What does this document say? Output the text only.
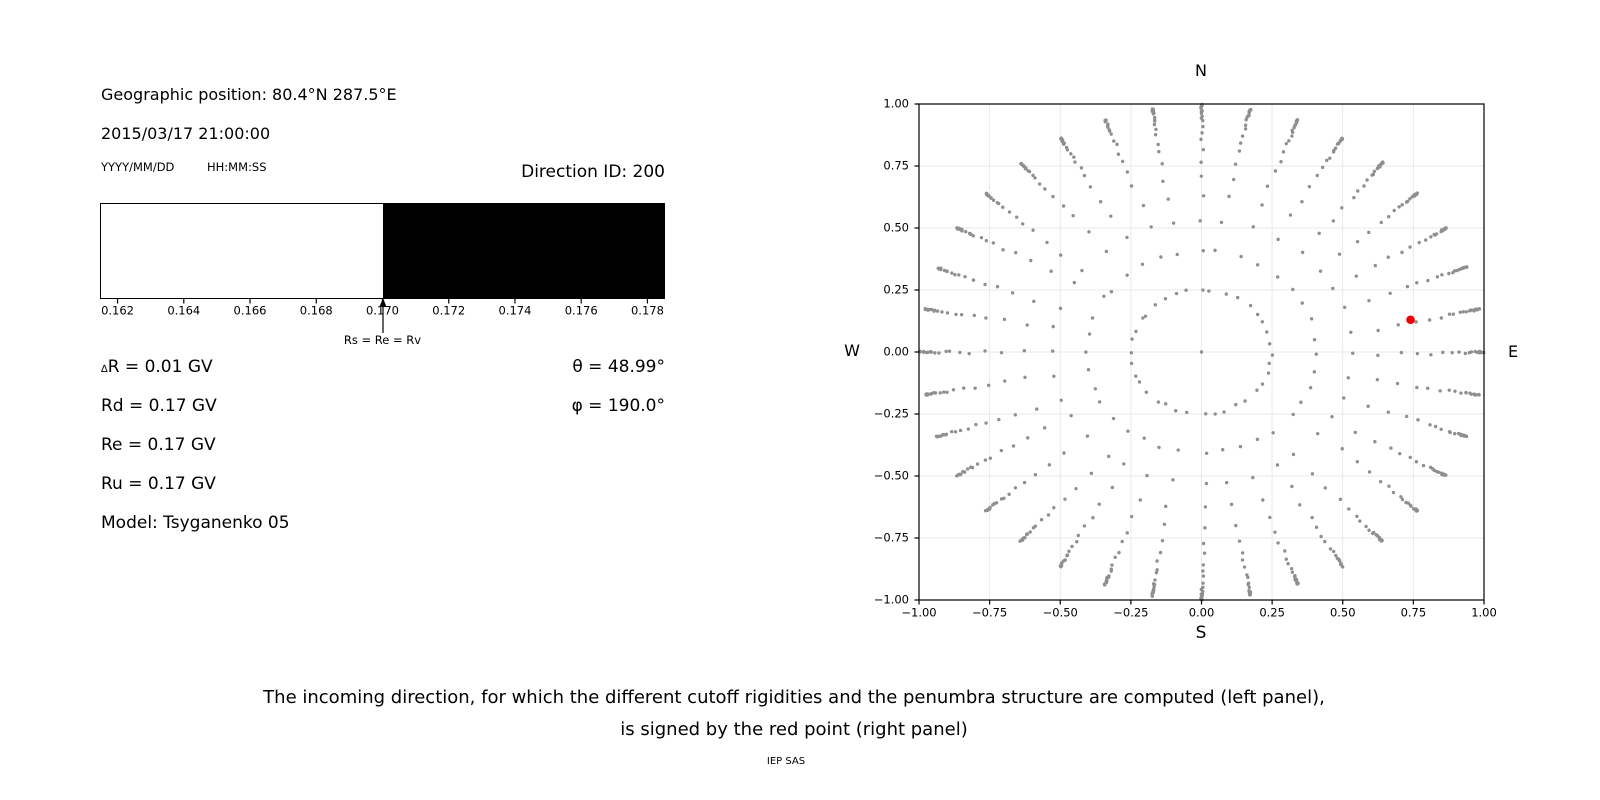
Geographic position: 80.4°N 287.5°E
2015/03/17 21:00:00
YYYY/MM/DD	HH:MM:SS	Direction ID: 200
Rs = Re = Rv
∆R = 0.01 GV
Rd = 0.17 GV
Re = 0.17 GV
Ru = 0.17 GV
Model: Tsyganenko 05
θ = 48.99°
φ = 190.0°
N
S
W	E
The incoming direction, for which the different cutoff rigidities and the penumbra structure are computed (left panel),
is signed by the red point (right panel)
IEP SAS
0.162	0.164	0.166	0.168	0.170	0.172	0.174	0.176	0.178
−1.00	−0.75	−0.50	−0.25	0.00	0.25	0.50	0.75	1.00
1.00
0.75
0.50
0.25
0.00
−0.25
−0.50
−0.75
−1.00
